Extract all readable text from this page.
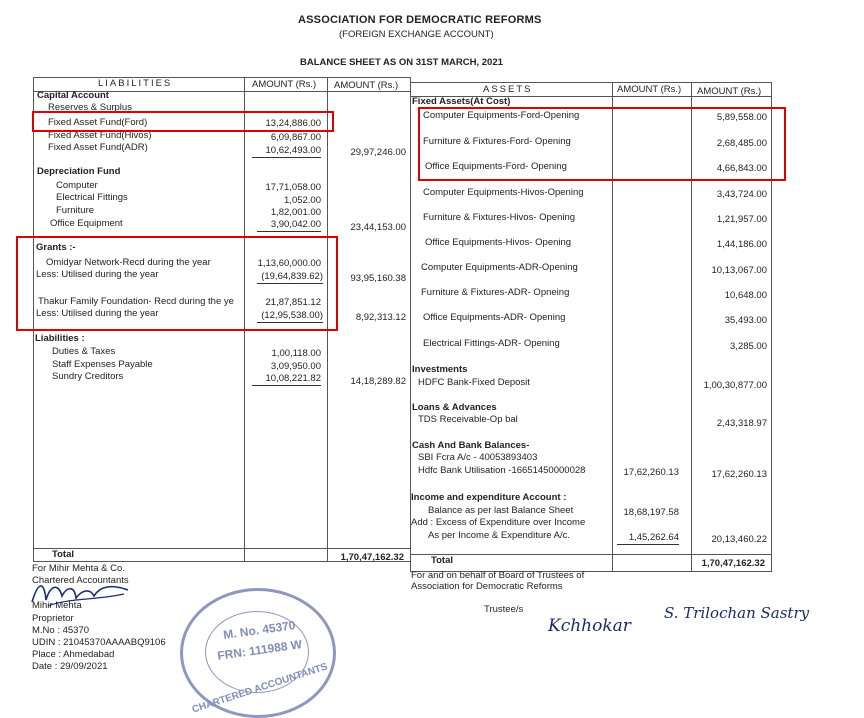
ASSOCIATION FOR DEMOCRATIC REFORMS
(FOREIGN EXCHANGE ACCOUNT)
BALANCE SHEET AS ON 31ST MARCH, 2021
LIABILITIES	AMOUNT (Rs.) AMOUNT (Rs.)
Capital Account
Reserves & Surplus
Fixed Asset Fund(Ford)	13,24,886.00
Fixed Asset Fund(Hivos)	6,09,867.00
Fixed Asset Fund(ADR)	10,62,493.00	29,97,246.00
Depreciation Fund
Computer	17,71,058.00
Electrical Fittings	1,052.00
Furniture	1,82,001.00
Office Equipment	3,90,042.00	23,44,153.00
Grants :-
Omidyar Network-Recd during the year	1,13,60,000.00
Less: Utilised during the year	(19,64,839.62)	93,95,160.38
Thakur Family Foundation- Recd during the ye	21,87,851.12
Less: Utilised during the year	(12,95,538.00)	8,92,313.12
Liabilities :
Duties & Taxes	1,00,118.00
Staff Expenses Payable	3,09,950.00
Sundry Creditors	10,08,221.82	14,18,289.82
Total	1,70,47,162.32
ASSETS	AMOUNT (Rs.) AMOUNT (Rs.)
Fixed Assets(At Cost)
Computer Equipments-Ford-Opening	5,89,558.00
Furniture & Fixtures-Ford- Opening	2,68,485.00
Office Equipments-Ford- Opening	4,66,843.00
Computer Equipments-Hivos-Opening	3,43,724.00
Furniture & Fixtures-Hivos- Opening	1,21,957.00
Office Equipments-Hivos- Opening	1,44,186.00
Computer Equipments-ADR-Opening	10,13,067.00
Furniture & Fixtures-ADR- Opneing	10,648.00
Office Equipments-ADR- Opening	35,493.00
Electrical Fittings-ADR- Opening	3,285.00
Investments
HDFC Bank-Fixed Deposit	1,00,30,877.00
Loans & Advances
TDS Receivable-Op bal	2,43,318.97
Cash And Bank Balances-
SBI Fcra A/c - 40053893403
Hdfc Bank Utilisation -16651450000028	17,62,260.13	17,62,260.13
Income and expenditure Account :
Balance as per last Balance Sheet	18,68,197.58
Add : Excess of Expenditure over Income
As per Income & Expenditure A/c.	1,45,262.64	20,13,460.22
Total	1,70,47,162.32
For Mihir Mehta & Co.
Chartered Accountants
Mihir Mehta
Proprietor
M.No : 45370
UDIN : 21045370AAAABQ9106
Place : Ahmedabad
Date : 29/09/2021
M. No. 45370
FRN: 111988 W
CHARTERED ACCOUNTANTS
For and on behalf of Board of Trustees of
Association for Democratic Reforms
Trustee/s
Kchhokar
S. Trilochan Sastry
